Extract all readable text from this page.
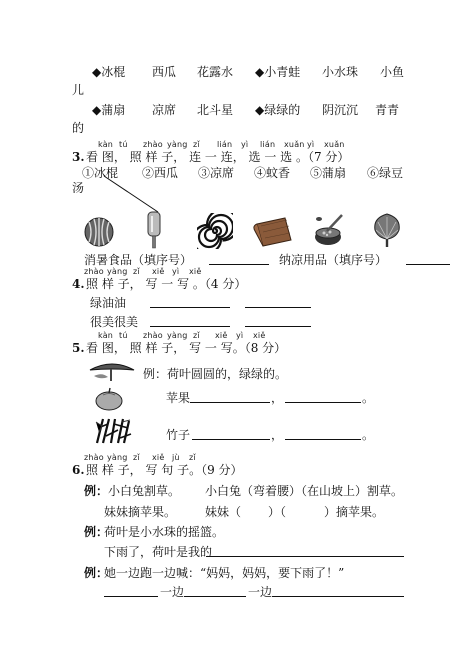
◆冰棍 西瓜 花露水 ◆小青蛙 小水珠 小鱼
儿
◆蒲扇 凉席 北斗星 ◆绿绿的 阴沉沉 青青
的
kàn tú zhào yàng zǐ lián yì lián xuǎn yì xuǎn
3. 看 图， 照 样 子， 连 一 连， 选 一 选 。（7 分）
①冰棍 ②西瓜 ③凉席 ④蚊香 ⑤蒲扇 ⑥绿豆
汤
消暑食品（填序号）	纳凉用品（填序号）
zhào yàng zǐ xiě yì xiě
4. 照 样 子， 写 一 写 。（4 分）
绿油油
很美很美
kàn tú zhào yàng zǐ xiě yì xiě
5. 看 图， 照 样 子， 写 一 写。（8 分）
例：荷叶圆圆的，绿绿的。
苹果	，	。
竹子	，	。
zhào yàng zǐ xiě jù zǐ
6. 照 样 子， 写 句 子。（9 分）
例： 小白兔割草。 小白兔（弯着腰）（在山坡上）割草。
妹妹摘苹果。 妹妹（ ）（	）摘苹果。
例：
荷叶是小水珠的摇篮。
下雨了，荷叶是我的
例：
她一边跑一边喊：“妈妈，妈妈，要下雨了！”
一边	一边
